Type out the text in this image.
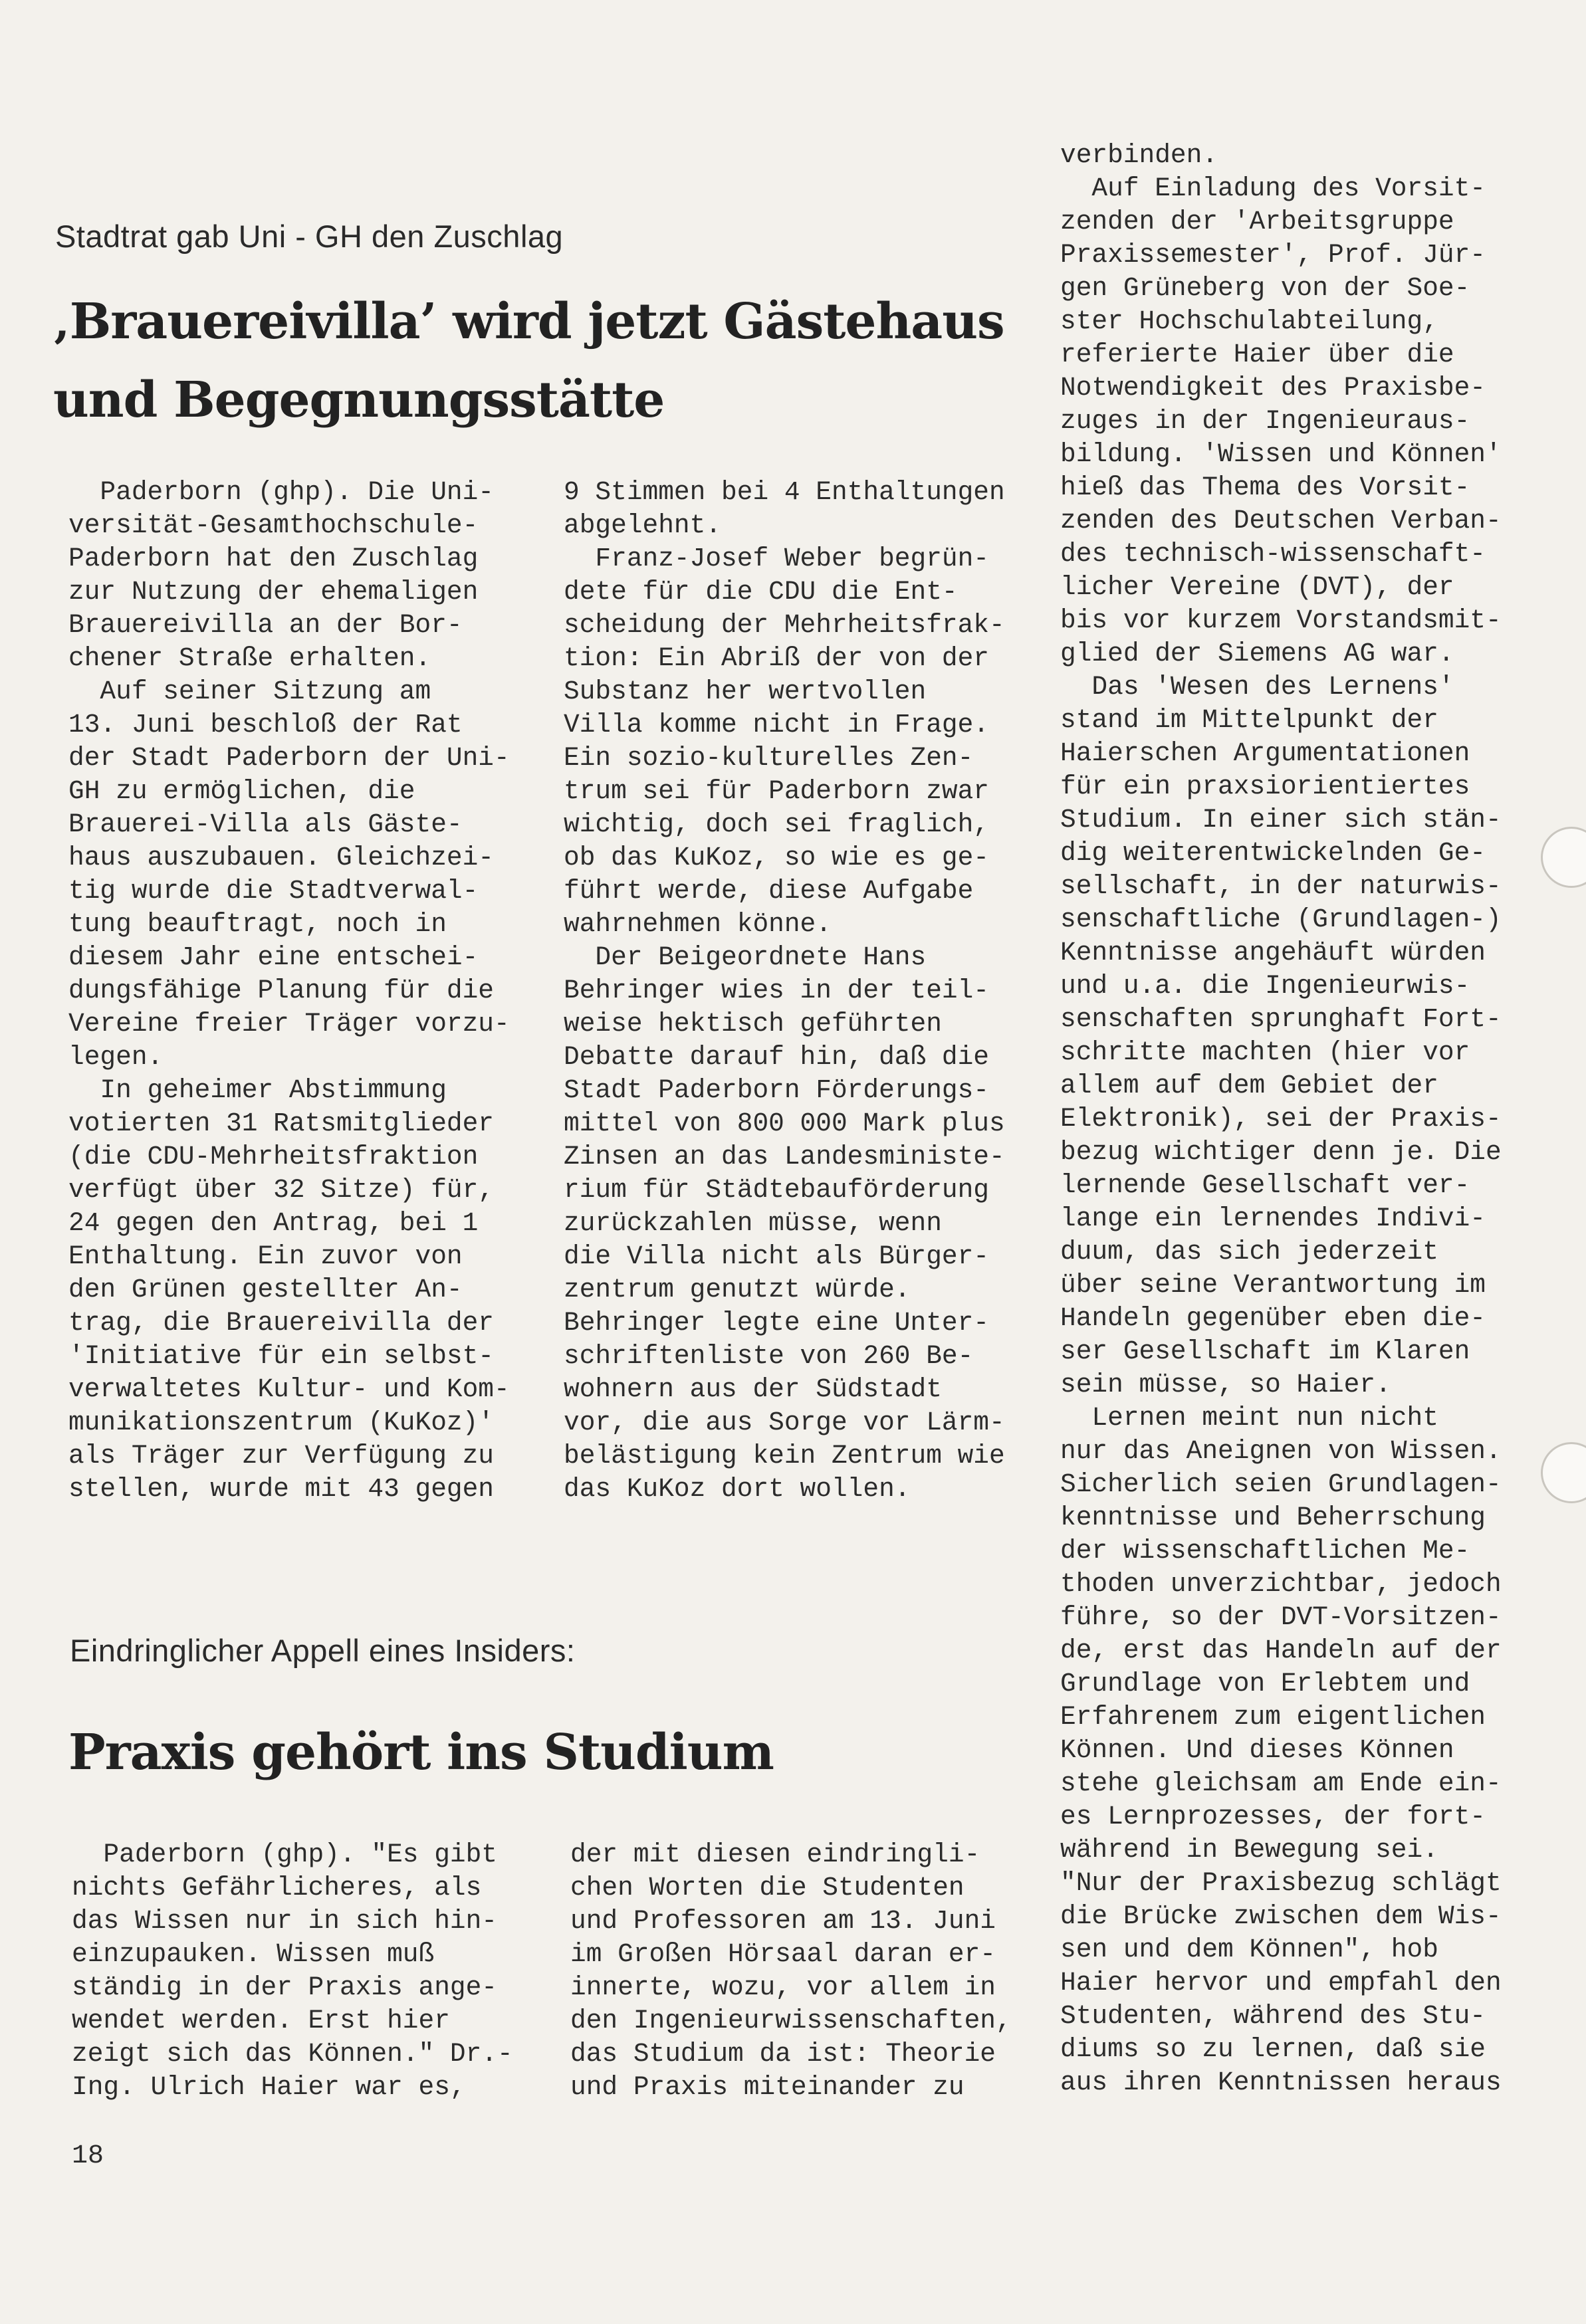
Stadtrat gab Uni - GH den Zuschlag
‚Brauereivilla’ wird jetzt Gästehaus
und Begegnungsstätte
Paderborn (ghp). Die Uni-
versität-Gesamthochschule-
Paderborn hat den Zuschlag
zur Nutzung der ehemaligen
Brauereivilla an der Bor-
chener Straße erhalten.
Auf seiner Sitzung am
13. Juni beschloß der Rat
der Stadt Paderborn der Uni-
GH zu ermöglichen, die
Brauerei-Villa als Gäste-
haus auszubauen. Gleichzei-
tig wurde die Stadtverwal-
tung beauftragt, noch in
diesem Jahr eine entschei-
dungsfähige Planung für die
Vereine freier Träger vorzu-
legen.
In geheimer Abstimmung
votierten 31 Ratsmitglieder
(die CDU-Mehrheitsfraktion
verfügt über 32 Sitze) für,
24 gegen den Antrag, bei 1
Enthaltung. Ein zuvor von
den Grünen gestellter An-
trag, die Brauereivilla der
'Initiative für ein selbst-
verwaltetes Kultur- und Kom-
munikationszentrum (KuKoz)'
als Träger zur Verfügung zu
stellen, wurde mit 43 gegen
9 Stimmen bei 4 Enthaltungen
abgelehnt.
Franz-Josef Weber begrün-
dete für die CDU die Ent-
scheidung der Mehrheitsfrak-
tion: Ein Abriß der von der
Substanz her wertvollen
Villa komme nicht in Frage.
Ein sozio-kulturelles Zen-
trum sei für Paderborn zwar
wichtig, doch sei fraglich,
ob das KuKoz, so wie es ge-
führt werde, diese Aufgabe
wahrnehmen könne.
Der Beigeordnete Hans
Behringer wies in der teil-
weise hektisch geführten
Debatte darauf hin, daß die
Stadt Paderborn Förderungs-
mittel von 800 000 Mark plus
Zinsen an das Landesministe-
rium für Städtebauförderung
zurückzahlen müsse, wenn
die Villa nicht als Bürger-
zentrum genutzt würde.
Behringer legte eine Unter-
schriftenliste von 260 Be-
wohnern aus der Südstadt
vor, die aus Sorge vor Lärm-
belästigung kein Zentrum wie
das KuKoz dort wollen.
Eindringlicher Appell eines Insiders:
Praxis gehört ins Studium
Paderborn (ghp). "Es gibt
nichts Gefährlicheres, als
das Wissen nur in sich hin-
einzupauken. Wissen muß
ständig in der Praxis ange-
wendet werden. Erst hier
zeigt sich das Können." Dr.-
Ing. Ulrich Haier war es,
der mit diesen eindringli-
chen Worten die Studenten
und Professoren am 13. Juni
im Großen Hörsaal daran er-
innerte, wozu, vor allem in
den Ingenieurwissenschaften,
das Studium da ist: Theorie
und Praxis miteinander zu
verbinden.
Auf Einladung des Vorsit-
zenden der 'Arbeitsgruppe
Praxissemester', Prof. Jür-
gen Grüneberg von der Soe-
ster Hochschulabteilung,
referierte Haier über die
Notwendigkeit des Praxisbe-
zuges in der Ingenieuraus-
bildung. 'Wissen und Können'
hieß das Thema des Vorsit-
zenden des Deutschen Verban-
des technisch-wissenschaft-
licher Vereine (DVT), der
bis vor kurzem Vorstandsmit-
glied der Siemens AG war.
Das 'Wesen des Lernens'
stand im Mittelpunkt der
Haierschen Argumentationen
für ein praxsiorientiertes
Studium. In einer sich stän-
dig weiterentwickelnden Ge-
sellschaft, in der naturwis-
senschaftliche (Grundlagen-)
Kenntnisse angehäuft würden
und u.a. die Ingenieurwis-
senschaften sprunghaft Fort-
schritte machten (hier vor
allem auf dem Gebiet der
Elektronik), sei der Praxis-
bezug wichtiger denn je. Die
lernende Gesellschaft ver-
lange ein lernendes Indivi-
duum, das sich jederzeit
über seine Verantwortung im
Handeln gegenüber eben die-
ser Gesellschaft im Klaren
sein müsse, so Haier.
Lernen meint nun nicht
nur das Aneignen von Wissen.
Sicherlich seien Grundlagen-
kenntnisse und Beherrschung
der wissenschaftlichen Me-
thoden unverzichtbar, jedoch
führe, so der DVT-Vorsitzen-
de, erst das Handeln auf der
Grundlage von Erlebtem und
Erfahrenem zum eigentlichen
Können. Und dieses Können
stehe gleichsam am Ende ein-
es Lernprozesses, der fort-
während in Bewegung sei.
"Nur der Praxisbezug schlägt
die Brücke zwischen dem Wis-
sen und dem Können", hob
Haier hervor und empfahl den
Studenten, während des Stu-
diums so zu lernen, daß sie
aus ihren Kenntnissen heraus
18
